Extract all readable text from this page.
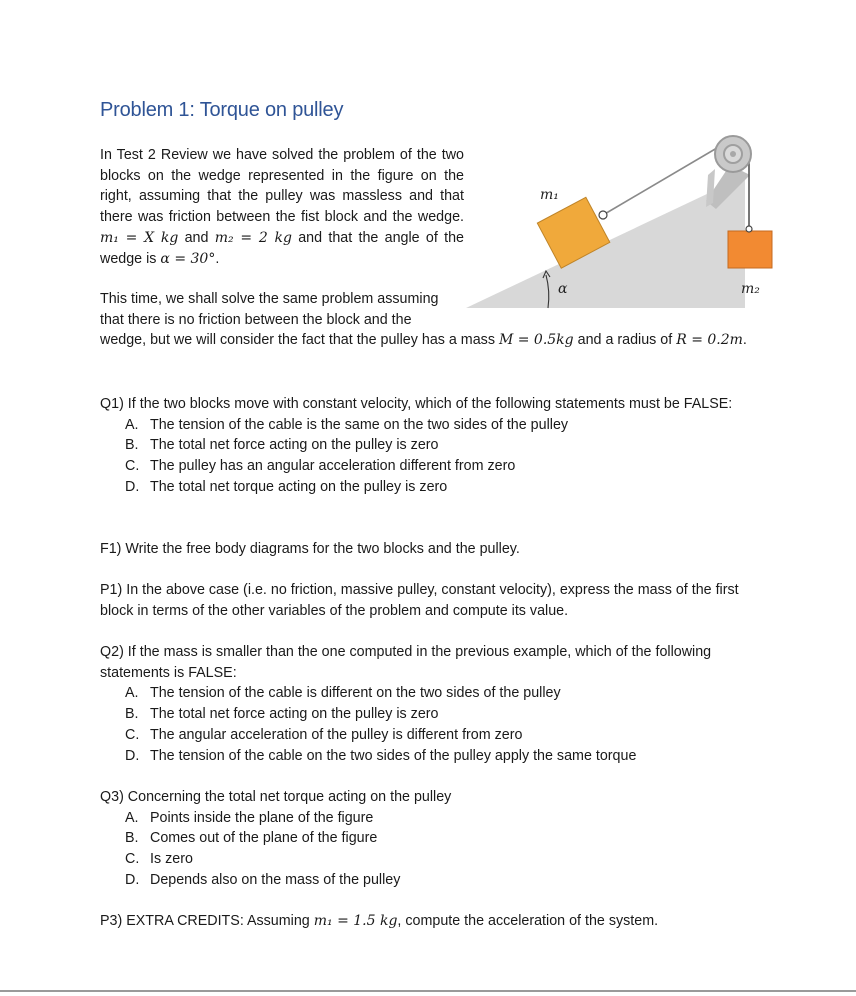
Problem 1: Torque on pulley

In Test 2 Review we have solved the problem of the two blocks on the wedge represented in the figure on the right, assuming that the pulley was massless and that there was friction between the fist block and the wedge. m₁ = X kg and m₂ = 2 kg and that the angle of the wedge is α = 30°.

m₁
m₂
α

This time, we shall solve the same problem assuming
that there is no friction between the block and the
wedge, but we will consider the fact that the pulley has a mass M = 0.5kg and a radius of R = 0.2m.

Q1) If the two blocks move with constant velocity, which of the following statements must be FALSE:
A. The tension of the cable is the same on the two sides of the pulley
B. The total net force acting on the pulley is zero
C. The pulley has an angular acceleration different from zero
D. The total net torque acting on the pulley is zero
F1) Write the free body diagrams for the two blocks and the pulley.
P1) In the above case (i.e. no friction, massive pulley, constant velocity), express the mass of the first block in terms of the other variables of the problem and compute its value.
Q2) If the mass is smaller than the one computed in the previous example, which of the following statements is FALSE:
A. The tension of the cable is different on the two sides of the pulley
B. The total net force acting on the pulley is zero
C. The angular acceleration of the pulley is different from zero
D. The tension of the cable on the two sides of the pulley apply the same torque
Q3) Concerning the total net torque acting on the pulley
A. Points inside the plane of the figure
B. Comes out of the plane of the figure
C. Is zero
D. Depends also on the mass of the pulley
P3) EXTRA CREDITS: Assuming m₁ = 1.5 kg, compute the acceleration of the system.
